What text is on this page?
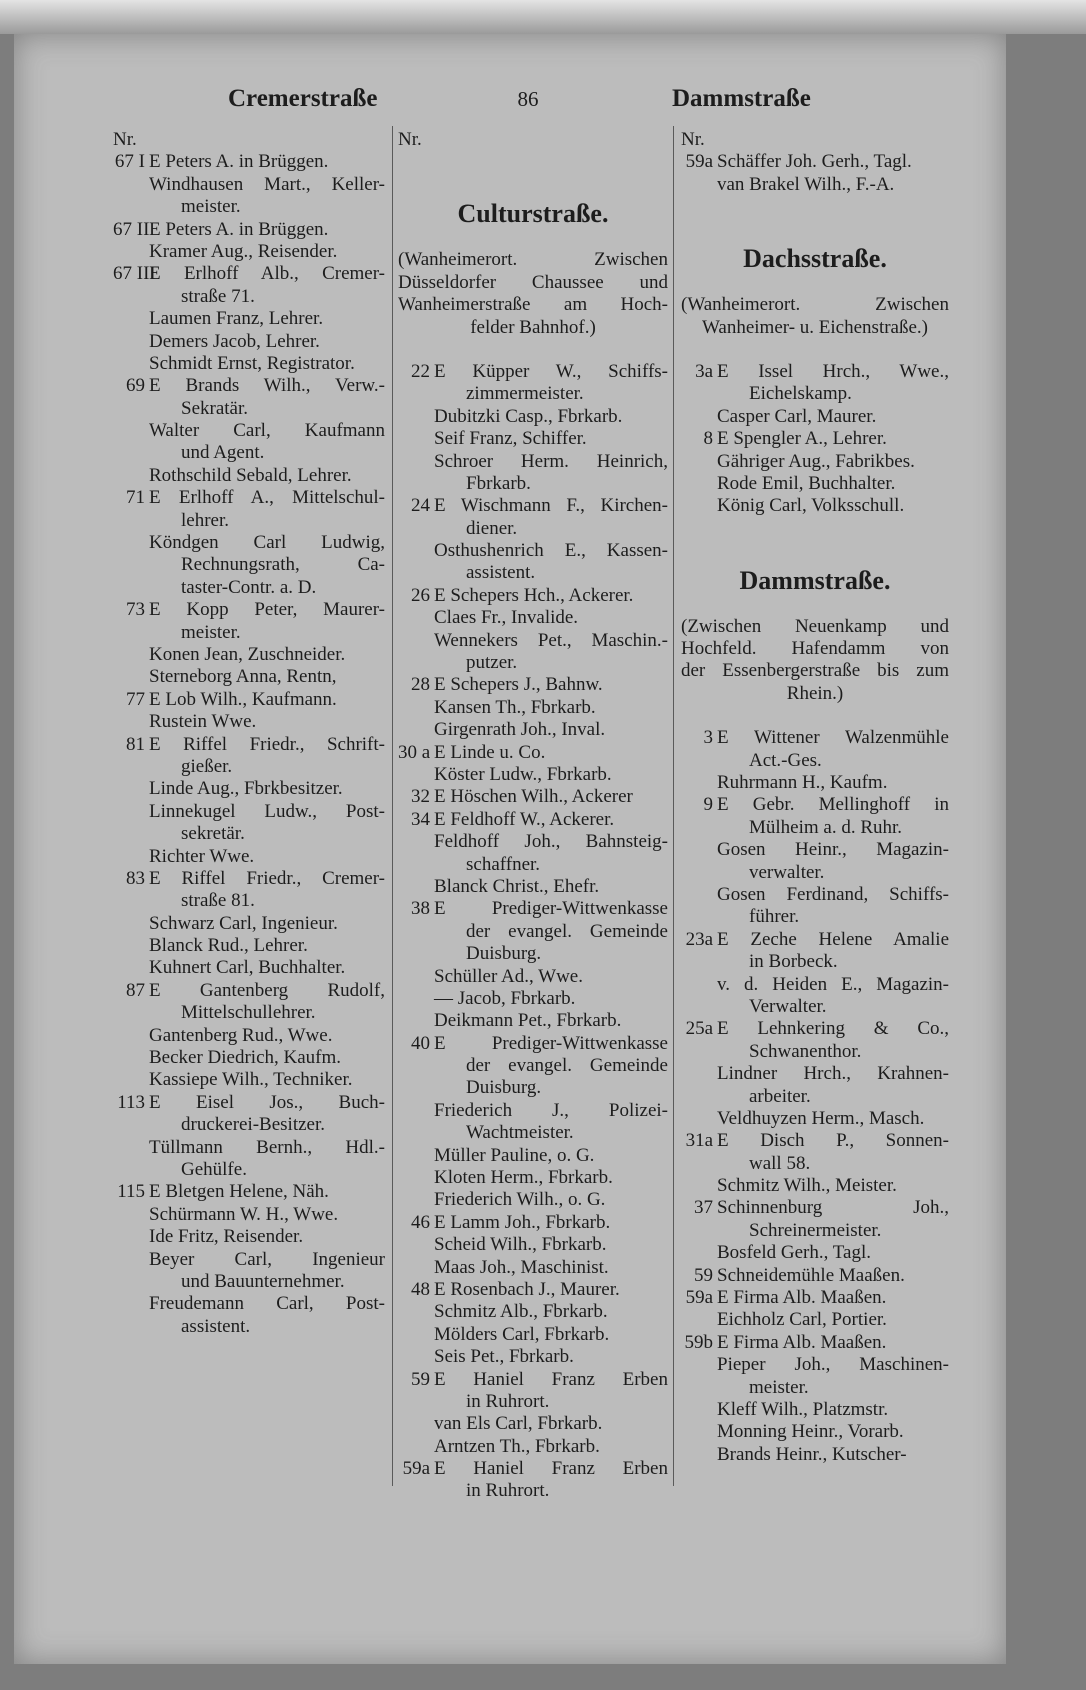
Cremerstraße	86	Dammstraße
Nr.
67 I E Peters A. in Brüggen.
Windhausen Mart., Keller-
meister.
67 II E Peters A. in Brüggen.
Kramer Aug., Reisender.
67 III
E Erlhoff Alb., Cremer-
straße 71.
Laumen Franz, Lehrer.
Demers Jacob, Lehrer.
Schmidt Ernst, Registrator.
69 E Brands Wilh., Verw.-
Sekratär.
Walter Carl, Kaufmann
und Agent.
Rothschild Sebald, Lehrer.
71 E Erlhoff A., Mittelschul-
lehrer.
Köndgen Carl Ludwig,
Rechnungsrath, Ca-
taster-Contr. a. D.
73 E Kopp Peter, Maurer-
meister.
Konen Jean, Zuschneider.
Sterneborg Anna, Rentn,
77 E Lob Wilh., Kaufmann.
Rustein Wwe.
81 E Riffel Friedr., Schrift-
gießer.
Linde Aug., Fbrkbesitzer.
Linnekugel Ludw., Post-
sekretär.
Richter Wwe.
83 E Riffel Friedr., Cremer-
straße 81.
Schwarz Carl, Ingenieur.
Blanck Rud., Lehrer.
Kuhnert Carl, Buchhalter.
87 E Gantenberg Rudolf,
Mittelschullehrer.
Gantenberg Rud., Wwe.
Becker Diedrich, Kaufm.
Kassiepe Wilh., Techniker.
113 E Eisel Jos., Buch-
druckerei-Besitzer.
Tüllmann Bernh., Hdl.-
Gehülfe.
115 E Bletgen Helene, Näh.
Schürmann W. H., Wwe.
Ide Fritz, Reisender.
Beyer Carl, Ingenieur
und Bauunternehmer.
Freudemann Carl, Post-
assistent.
Nr.
Culturstraße.
(Wanheimerort. Zwischen
Düsseldorfer Chaussee und
Wanheimerstraße am Hoch-
felder Bahnhof.)
22 E Küpper W., Schiffs-
zimmermeister.
Dubitzki Casp., Fbrkarb.
Seif Franz, Schiffer.
Schroer Herm. Heinrich,
Fbrkarb.
24 E Wischmann F., Kirchen-
diener.
Osthushenrich E., Kassen-
assistent.
26 E Schepers Hch., Ackerer.
Claes Fr., Invalide.
Wennekers Pet., Maschin.-
putzer.
28 E Schepers J., Bahnw.
Kansen Th., Fbrkarb.
Girgenrath Joh., Inval.
30 a E Linde u. Co.
Köster Ludw., Fbrkarb.
32 E Höschen Wilh., Ackerer
34 E Feldhoff W., Ackerer.
Feldhoff Joh., Bahnsteig-
schaffner.
Blanck Christ., Ehefr.
38 E Prediger-Wittwenkasse
der evangel. Gemeinde
Duisburg.
Schüller Ad., Wwe.
— Jacob, Fbrkarb.
Deikmann Pet., Fbrkarb.
40 E Prediger-Wittwenkasse
der evangel. Gemeinde
Duisburg.
Friederich J., Polizei-
Wachtmeister.
Müller Pauline, o. G.
Kloten Herm., Fbrkarb.
Friederich Wilh., o. G.
46 E Lamm Joh., Fbrkarb.
Scheid Wilh., Fbrkarb.
Maas Joh., Maschinist.
48 E Rosenbach J., Maurer.
Schmitz Alb., Fbrkarb.
Mölders Carl, Fbrkarb.
Seis Pet., Fbrkarb.
59 E Haniel Franz Erben
in Ruhrort.
van Els Carl, Fbrkarb.
Arntzen Th., Fbrkarb.
59a E Haniel Franz Erben
in Ruhrort.
Nr.
59a Schäffer Joh. Gerh., Tagl.
van Brakel Wilh., F.-A.
Dachsstraße.
(Wanheimerort. Zwischen
Wanheimer- u. Eichenstraße.)
3a E Issel Hrch., Wwe.,
Eichelskamp.
Casper Carl, Maurer.
8 E Spengler A., Lehrer.
Gähriger Aug., Fabrikbes.
Rode Emil, Buchhalter.
König Carl, Volksschull.
Dammstraße.
(Zwischen Neuenkamp und
Hochfeld. Hafendamm von
der Essenbergerstraße bis zum
Rhein.)
3 E Wittener Walzenmühle
Act.-Ges.
Ruhrmann H., Kaufm.
9 E Gebr. Mellinghoff in
Mülheim a. d. Ruhr.
Gosen Heinr., Magazin-
verwalter.
Gosen Ferdinand, Schiffs-
führer.
23a E Zeche Helene Amalie
in Borbeck.
v. d. Heiden E., Magazin-
Verwalter.
25a E Lehnkering & Co.,
Schwanenthor.
Lindner Hrch., Krahnen-
arbeiter.
Veldhuyzen Herm., Masch.
31a E Disch P., Sonnen-
wall 58.
Schmitz Wilh., Meister.
37 Schinnenburg Joh.,
Schreinermeister.
Bosfeld Gerh., Tagl.
59 Schneidemühle Maaßen.
59a E Firma Alb. Maaßen.
Eichholz Carl, Portier.
59b E Firma Alb. Maaßen.
Pieper Joh., Maschinen-
meister.
Kleff Wilh., Platzmstr.
Monning Heinr., Vorarb.
Brands Heinr., Kutscher-
